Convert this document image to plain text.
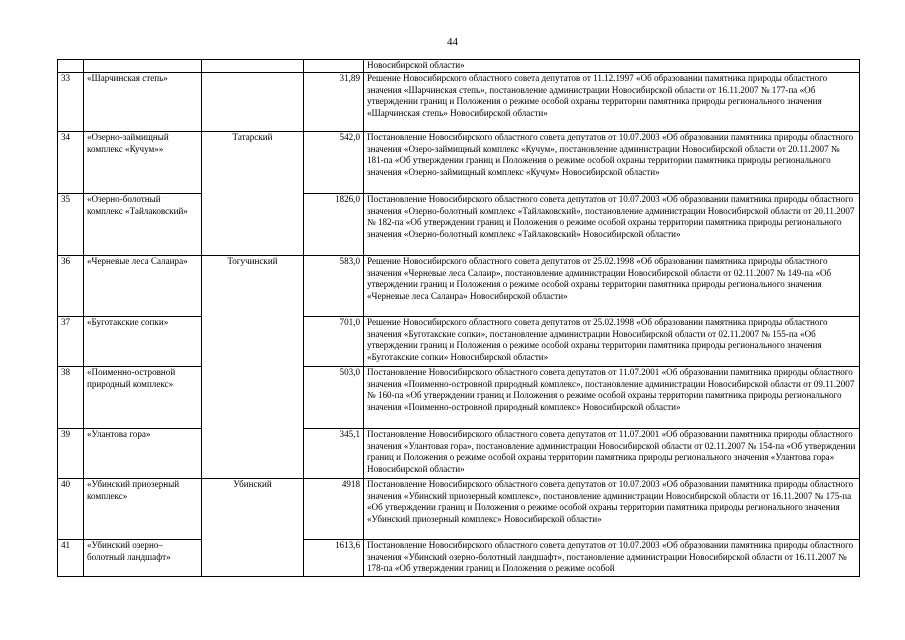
44
				Новосибирской области»
33	«Шарчинская степь»		31,89	Решение Новосибирского областного совета депутатов от 11.12.1997 «Об образовании памятника природы областного значения «Шарчинская степь», постановление администрации Новосибирской области от 16.11.2007 № 177-па «Об утверждении границ и Положения о режиме особой охраны территории памятника природы регионального значения «Шарчинская степь» Новосибирской области»
34	«Озерно-займищный комплекс «Кучум»»	Татарский	542,0	Постановление Новосибирского областного совета депутатов от 10.07.2003 «Об образовании памятника природы областного значения «Озеро-займищный комплекс «Кучум», постановление администрации Новосибирской области от 20.11.2007 № 181-па «Об утверждении границ и Положения о режиме особой охраны территории памятника природы регионального значения «Озерно-займищный комплекс «Кучум» Новосибирской области»
35	«Озерно-болотный комплекс «Тайлаковский»		1826,0	Постановление Новосибирского областного совета депутатов от 10.07.2003 «Об образовании памятника природы областного значения «Озерно-болотный комплекс «Тайлаковский», постановление администрации Новосибирской области от 20.11.2007 № 182-па «Об утверждении границ и Положения о режиме особой охраны территории памятника природы регионального значения «Озерно-болотный комплекс «Тайлаковский» Новосибирской области»
36	«Черневые леса Салаира»	Тогучинский	583,0	Решение Новосибирского областного совета депутатов от 25.02.1998 «Об образовании памятника природы областного значения «Черневые леса Салаир», постановление администрации Новосибирской области от 02.11.2007 № 149-па «Об утверждении границ и Положения о режиме особой охраны территории памятника природы регионального значения «Черневые леса Салаира» Новосибирской области»
37	«Буготакские сопки»		701,0	Решение Новосибирского областного совета депутатов от 25.02.1998 «Об образовании памятника природы областного значения «Буготакские сопки», постановление администрации Новосибирской области от 02.11.2007 № 155-па «Об утверждении границ и Положения о режиме особой охраны территории памятника природы регионального значения «Буготакские сопки» Новосибирской области»
38	«Поименно-островной природный комплекс»		503,0	Постановление Новосибирского областного совета депутатов от 11.07.2001 «Об образовании памятника природы областного значения «Поименно-островной природный комплекс», постановление администрации Новосибирской области от 09.11.2007 № 160-па «Об утверждении границ и Положения о режиме особой охраны территории памятника природы регионального значения «Поименно-островной природный комплекс» Новосибирской области»
39	«Улантова гора»		345,1	Постановление Новосибирского областного совета депутатов от 11.07.2001 «Об образовании памятника природы областного значения «Улантовая гора», постановление администрации Новосибирской области от 02.11.2007 № 154-па «Об утверждении границ и Положения о режиме особой охраны территории памятника природы регионального значения «Улантова гора» Новосибирской области»
40	«Убинский приозерный комплекс»	Убинский	4918	Постановление Новосибирского областного совета депутатов от 10.07.2003 «Об образовании памятника природы областного значения «Убинский приозерный комплекс», постановление администрации Новосибирской области от 16.11.2007 № 175-па «Об утверждении границ и Положения о режиме особой охраны территории памятника природы регионального значения «Убинский приозерный комплекс» Новосибирской области»
41	«Убинский озерно–болотный ландшафт»		1613,6	Постановление Новосибирского областного совета депутатов от 10.07.2003 «Об образовании памятника природы областного значения «Убинский озерно-болотный ландшафт», постановление администрации Новосибирской области от 16.11.2007 № 178-па «Об утверждении границ и Положения о режиме особой
